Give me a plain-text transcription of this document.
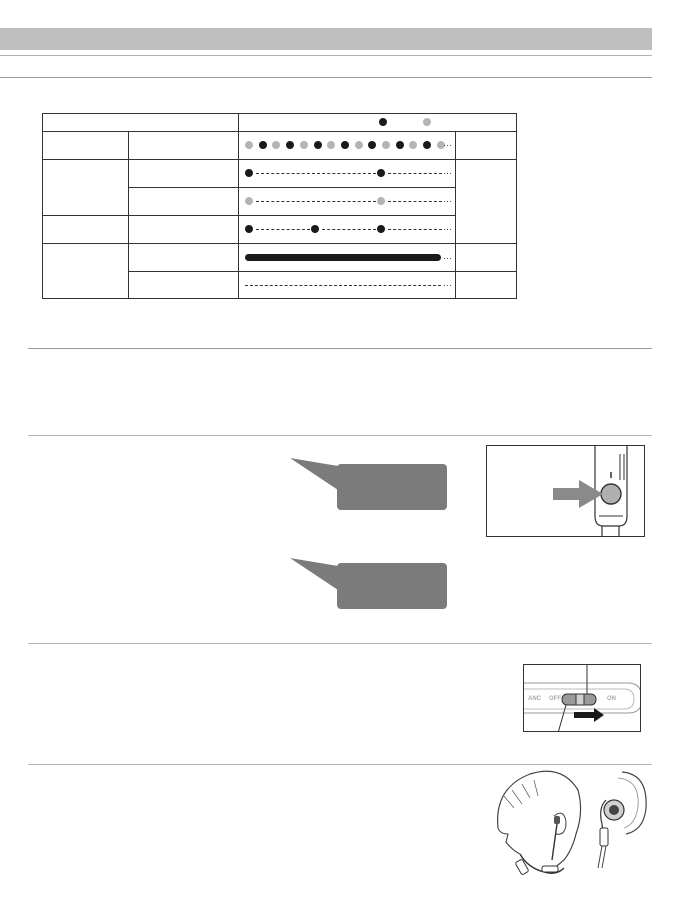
···
···
···
···
···
···
ANC OFF	ON
